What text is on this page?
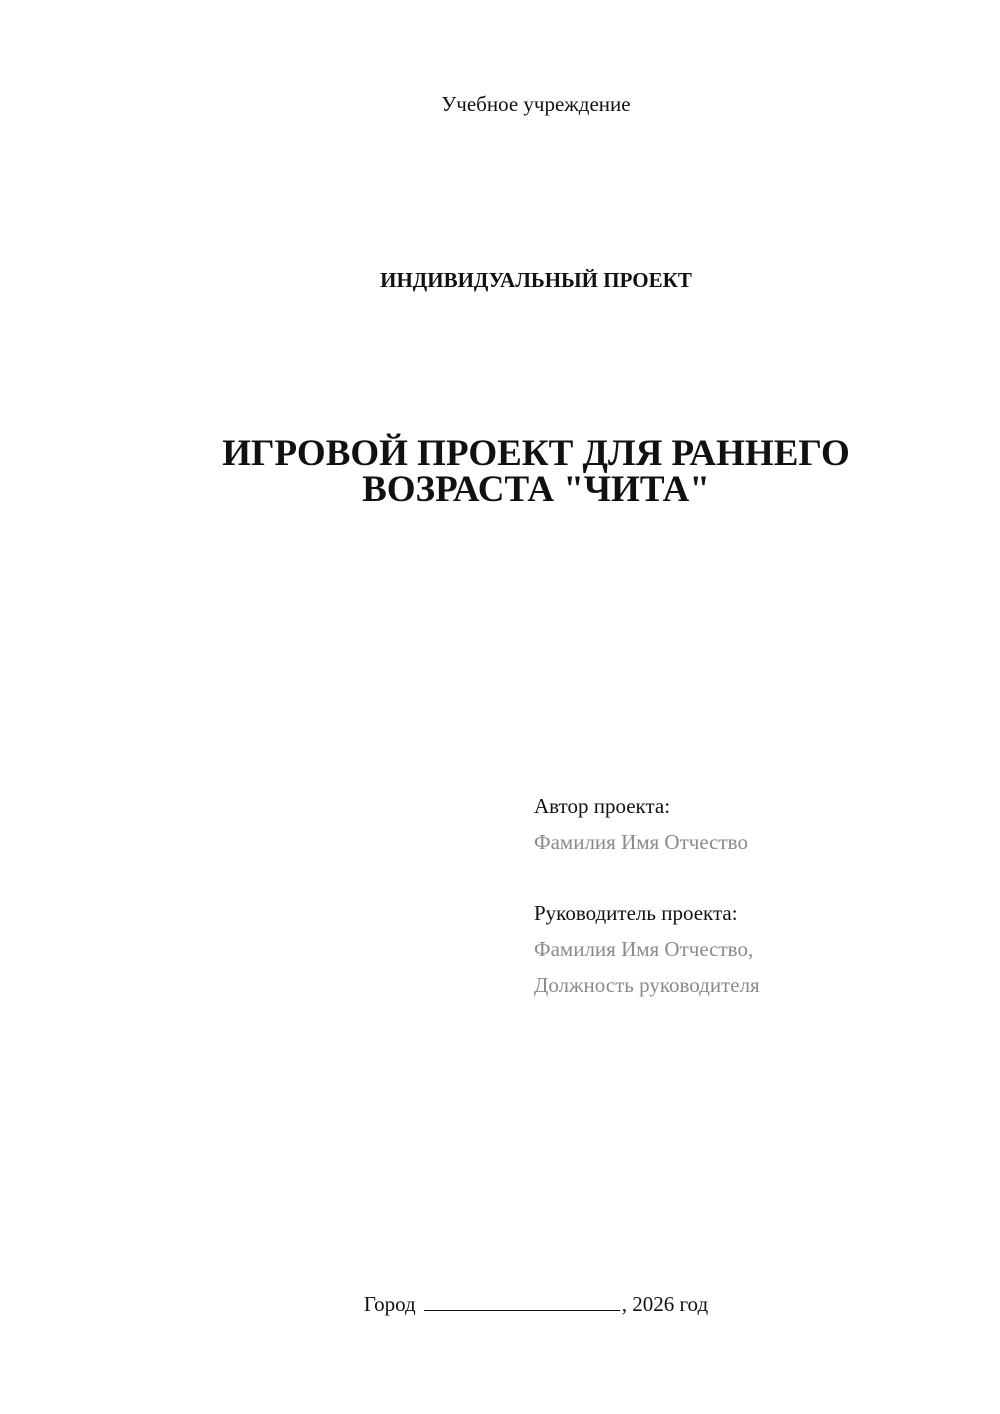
Учебное учреждение
ИНДИВИДУАЛЬНЫЙ ПРОЕКТ
ИГРОВОЙ ПРОЕКТ ДЛЯ РАННЕГО
ВОЗРАСТА "ЧИТА"
Автор проекта:
Фамилия Имя Отчество
Руководитель проекта:
Фамилия Имя Отчество,
Должность руководителя
Город	, 2026 год
